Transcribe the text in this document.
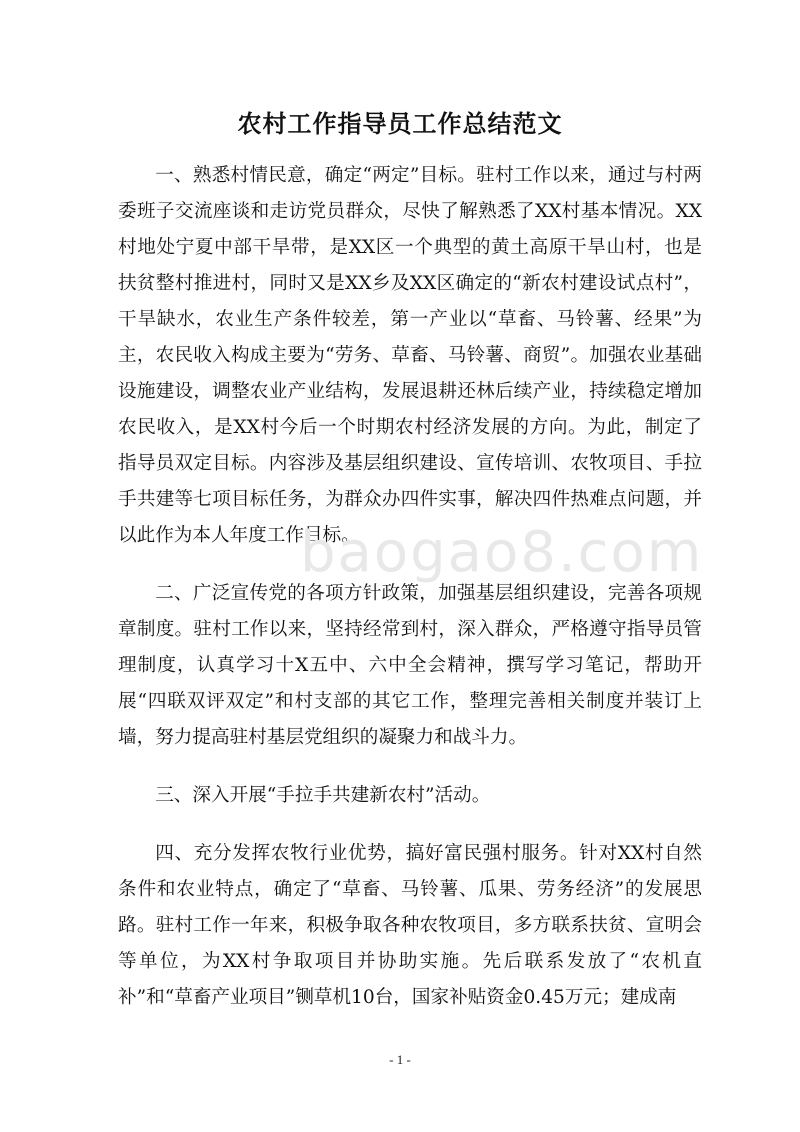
农村工作指导员工作总结范文

一、熟悉村情民意，确定“两定”目标。驻村工作以来，通过与村两委班子交流座谈和走访党员群众，尽快了解熟悉了XX村基本情况。XX村地处宁夏中部干旱带，是XX区一个典型的黄土高原干旱山村，也是扶贫整村推进村，同时又是XX乡及XX区确定的“新农村建设试点村”，干旱缺水，农业生产条件较差，第一产业以“草畜、马铃薯、经果”为主，农民收入构成主要为“劳务、草畜、马铃薯、商贸”。加强农业基础设施建设，调整农业产业结构，发展退耕还林后续产业，持续稳定增加农民收入，是XX村今后一个时期农村经济发展的方向。为此，制定了指导员双定目标。内容涉及基层组织建设、宣传培训、农牧项目、手拉手共建等七项目标任务，为群众办四件实事，解决四件热难点问题，并以此作为本人年度工作目标。

二、广泛宣传党的各项方针政策，加强基层组织建设，完善各项规章制度。驻村工作以来，坚持经常到村，深入群众，严格遵守指导员管理制度，认真学习十X五中、六中全会精神，撰写学习笔记，帮助开展“四联双评双定”和村支部的其它工作，整理完善相关制度并装订上墙，努力提高驻村基层党组织的凝聚力和战斗力。

三、深入开展“手拉手共建新农村”活动。

四、充分发挥农牧行业优势，搞好富民强村服务。针对XX村自然条件和农业特点，确定了“草畜、马铃薯、瓜果、劳务经济”的发展思路。驻村工作一年来，积极争取各种农牧项目，多方联系扶贫、宣明会等单位，为XX村争取项目并协助实施。先后联系发放了“农机直补”和“草畜产业项目”铡草机10台，国家补贴资金0.45万元；建成南

baogao8.com
- 1 -
